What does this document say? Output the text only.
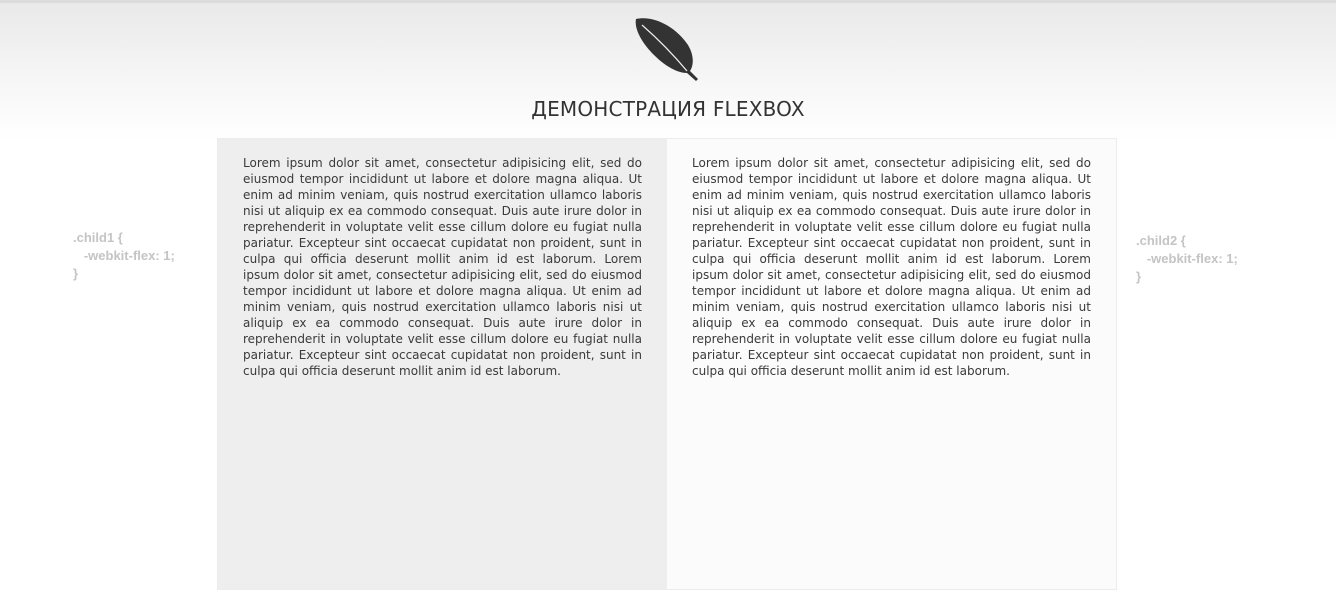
ДЕМОНСТРАЦИЯ FLEXBOX
.child1 {
-webkit-flex: 1;
}
.child2 {
-webkit-flex: 1;
}

Lorem ipsum dolor sit amet, consectetur adipisicing elit, sed do eiusmod tempor incididunt ut labore et dolore magna aliqua. Ut enim ad minim veniam, quis nostrud exercitation ullamco laboris nisi ut aliquip ex ea commodo consequat. Duis aute irure dolor in reprehenderit in voluptate velit esse cillum dolore eu fugiat nulla pariatur. Excepteur sint occaecat cupidatat non proident, sunt in culpa qui officia deserunt mollit anim id est laborum. Lorem ipsum dolor sit amet, consectetur adipisicing elit, sed do eiusmod tempor incididunt ut labore et dolore magna aliqua. Ut enim ad minim veniam, quis nostrud exercitation ullamco laboris nisi ut aliquip ex ea commodo consequat. Duis aute irure dolor in reprehenderit in voluptate velit esse cillum dolore eu fugiat nulla pariatur. Excepteur sint occaecat cupidatat non proident, sunt in culpa qui officia deserunt mollit anim id est laborum.

Lorem ipsum dolor sit amet, consectetur adipisicing elit, sed do eiusmod tempor incididunt ut labore et dolore magna aliqua. Ut enim ad minim veniam, quis nostrud exercitation ullamco laboris nisi ut aliquip ex ea commodo consequat. Duis aute irure dolor in reprehenderit in voluptate velit esse cillum dolore eu fugiat nulla pariatur. Excepteur sint occaecat cupidatat non proident, sunt in culpa qui officia deserunt mollit anim id est laborum. Lorem ipsum dolor sit amet, consectetur adipisicing elit, sed do eiusmod tempor incididunt ut labore et dolore magna aliqua. Ut enim ad minim veniam, quis nostrud exercitation ullamco laboris nisi ut aliquip ex ea commodo consequat. Duis aute irure dolor in reprehenderit in voluptate velit esse cillum dolore eu fugiat nulla pariatur. Excepteur sint occaecat cupidatat non proident, sunt in culpa qui officia deserunt mollit anim id est laborum.
